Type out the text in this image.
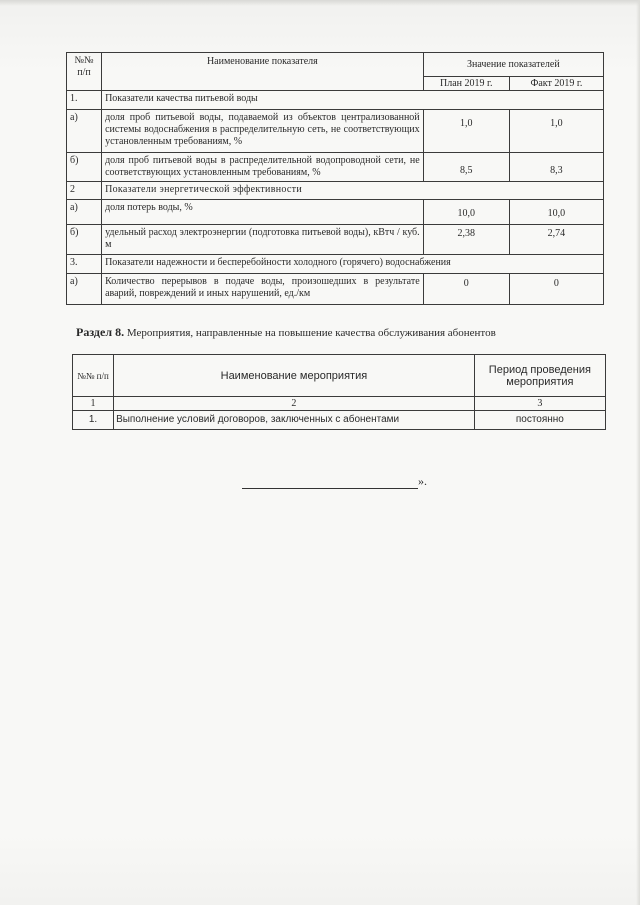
№№ п/п	Наименование показателя	Значение показателей	
		План 2019 г.	Факт 2019 г.
1.	Показатели качества питьевой воды		
а)	доля проб питьевой воды, подаваемой из объектов централизованной системы водоснабжения в распределительную сеть, не соответствующих установленным требованиям, %	1,0	1,0
б)	доля проб питьевой воды в распределительной водопроводной сети, не соответствующих установленным требованиям, %	8,5	8,3
2	Показатели энергетической эффективности		
а)	доля потерь воды, %	10,0	10,0
б)	удельный расход электроэнергии (подготовка питьевой воды), кВтч / куб. м	2,38	2,74
3.	Показатели надежности и бесперебойности холодного (горячего) водоснабжения		
а)	Количество перерывов в подаче воды, произошедших в результате аварий, повреждений и иных нарушений, ед./км	0	0
Раздел 8. Мероприятия, направленные на повышение качества обслуживания абонентов
№№ п/п	Наименование мероприятия	Период проведения мероприятия
1	2	3
1.	Выполнение условий договоров, заключенных с абонентами	постоянно
».
